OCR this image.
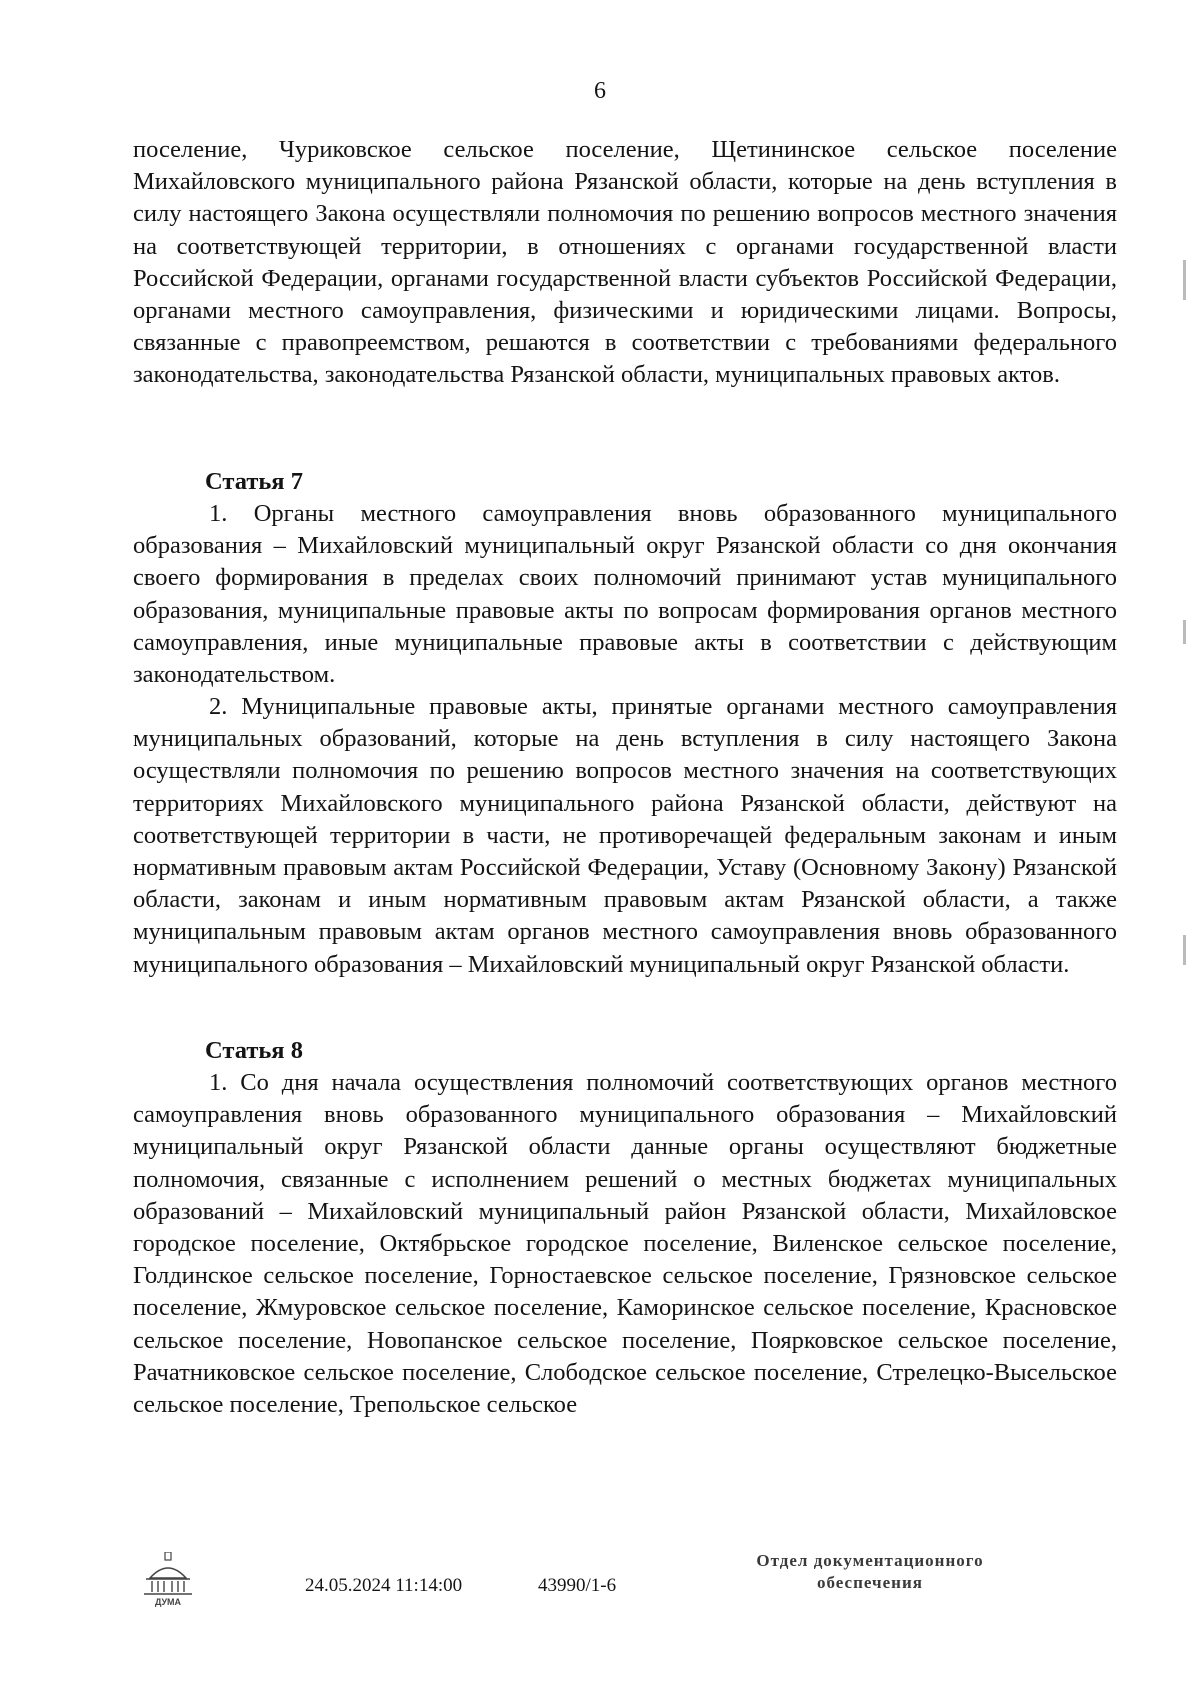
6

поселение, Чуриковское сельское поселение, Щетининское сельское поселение Михайловского муниципального района Рязанской области, которые на день вступления в силу настоящего Закона осуществляли полномочия по решению вопросов местного значения на соответствующей территории, в отношениях с органами государственной власти Российской Федерации, органами государственной власти субъектов Российской Федерации, органами местного самоуправления, физическими и юридическими лицами. Вопросы, связанные с правопреемством, решаются в соответствии с требованиями федерального законодательства, законодательства Рязанской области, муниципальных правовых актов.

Статья 7

1. Органы местного самоуправления вновь образованного муниципального образования – Михайловский муниципальный округ Рязанской области со дня окончания своего формирования в пределах своих полномочий принимают устав муниципального образования, муниципальные правовые акты по вопросам формирования органов местного самоуправления, иные муниципальные правовые акты в соответствии с действующим законодательством.

2. Муниципальные правовые акты, принятые органами местного самоуправления муниципальных образований, которые на день вступления в силу настоящего Закона осуществляли полномочия по решению вопросов местного значения на соответствующих территориях Михайловского муниципального района Рязанской области, действуют на соответствующей территории в части, не противоречащей федеральным законам и иным нормативным правовым актам Российской Федерации, Уставу (Основному Закону) Рязанской области, законам и иным нормативным правовым актам Рязанской области, а также муниципальным правовым актам органов местного самоуправления вновь образованного муниципального образования – Михайловский муниципальный округ Рязанской области.

Статья 8

1. Со дня начала осуществления полномочий соответствующих органов местного самоуправления вновь образованного муниципального образования – Михайловский муниципальный округ Рязанской области данные органы осуществляют бюджетные полномочия, связанные с исполнением решений о местных бюджетах муниципальных образований – Михайловский муниципальный район Рязанской области, Михайловское городское поселение, Октябрьское городское поселение, Виленское сельское поселение, Голдинское сельское поселение, Горностаевское сельское поселение, Грязновское сельское поселение, Жмуровское сельское поселение, Каморинское сельское поселение, Красновское сельское поселение, Новопанское сельское поселение, Поярковское сельское поселение, Рачатниковское сельское поселение, Слободское сельское поселение, Стрелецко-Высельское сельское поселение, Трепольское сельское

ДУМА
24.05.2024 11:14:00	43990/1-6
Отдел документационного
обеспечения
